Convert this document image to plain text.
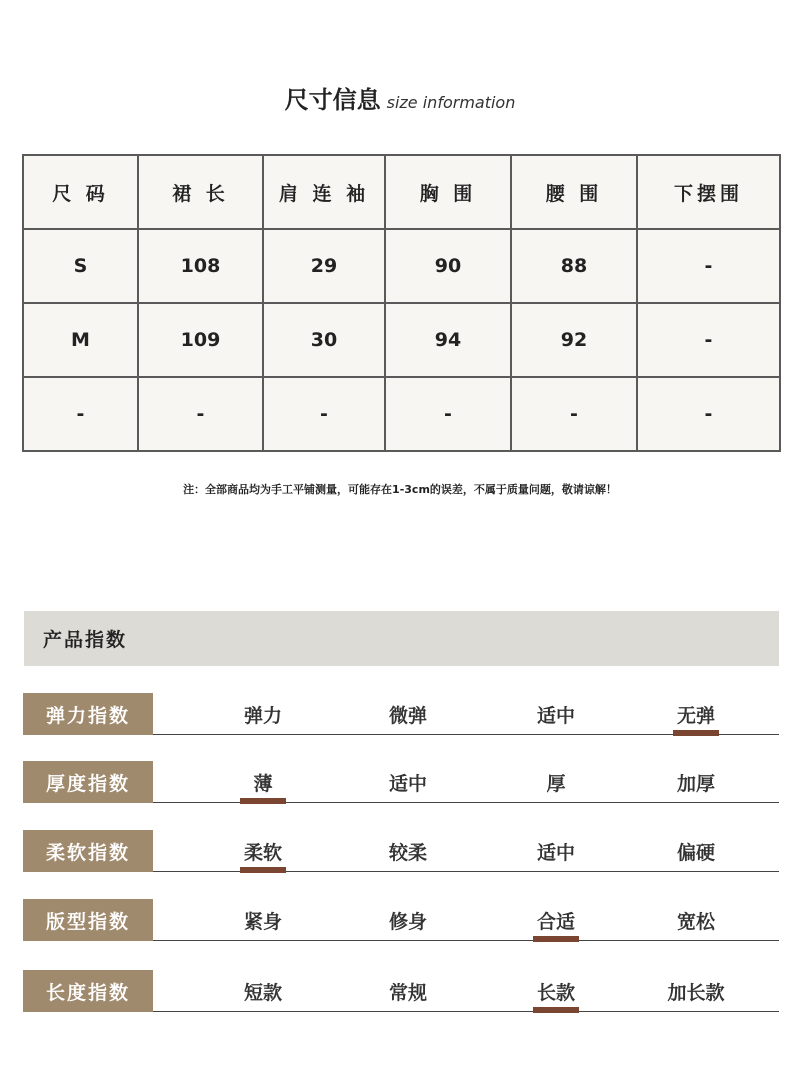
尺寸信息 size information
尺 码	裙 长	肩 连 袖	胸 围	腰 围	下摆围
S	108	29	90	88	-
M	109	30	94	92	-
-	-	-	-	-	-
注：全部商品均为手工平铺测量，可能存在1-3cm的误差，不属于质量问题，敬请谅解！
产品指数
弹力指数	弹力	微弹	适中	无弹
厚度指数	薄	适中	厚	加厚
柔软指数	柔软	较柔	适中	偏硬
版型指数	紧身	修身	合适	宽松
长度指数	短款	常规	长款	加长款
